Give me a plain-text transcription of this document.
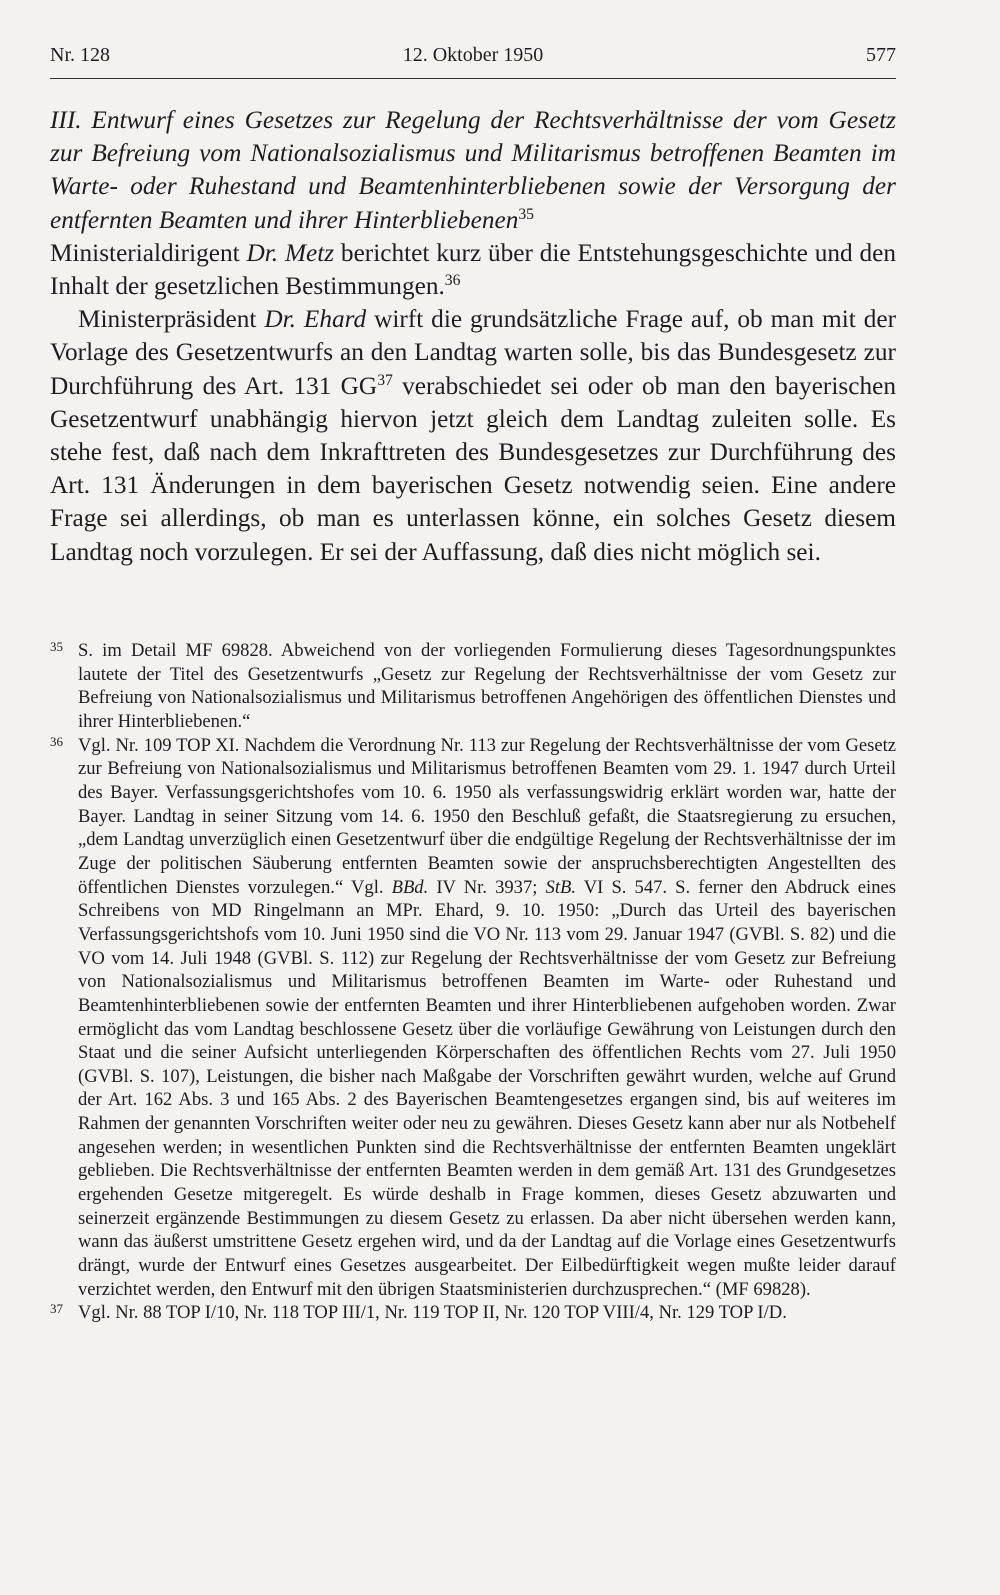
Nr. 128	12. Oktober 1950	577

III. Entwurf eines Gesetzes zur Regelung der Rechtsverhältnisse der vom Gesetz zur Befreiung vom Nationalsozialismus und Militarismus betroffenen Beamten im Warte- oder Ruhestand und Beamtenhinterbliebenen sowie der Versorgung der entfernten Beamten und ihrer Hinterbliebenen$^{35}$

Ministerialdirigent Dr. Metz berichtet kurz über die Entstehungsgeschichte und den Inhalt der gesetzlichen Bestimmungen.$^{36}$

Ministerpräsident Dr. Ehard wirft die grundsätzliche Frage auf, ob man mit der Vorlage des Gesetzentwurfs an den Landtag warten solle, bis das Bundesgesetz zur Durchführung des Art. 131 GG$^{37}$ verabschiedet sei oder ob man den bayerischen Gesetzentwurf unabhängig hiervon jetzt gleich dem Landtag zuleiten solle. Es stehe fest, daß nach dem Inkrafttreten des Bundesgesetzes zur Durchführung des Art. 131 Änderungen in dem bayerischen Gesetz notwendig seien. Eine andere Frage sei allerdings, ob man es unterlassen könne, ein solches Gesetz diesem Landtag noch vorzulegen. Er sei der Auffassung, daß dies nicht möglich sei.

35 S. im Detail MF 69828. Abweichend von der vorliegenden Formulierung dieses Tagesordnungspunktes lautete der Titel des Gesetzentwurfs „Gesetz zur Regelung der Rechtsverhältnisse der vom Gesetz zur Befreiung von Nationalsozialismus und Militarismus betroffenen Angehörigen des öffentlichen Dienstes und ihrer Hinterbliebenen.“
36 Vgl. Nr. 109 TOP XI. Nachdem die Verordnung Nr. 113 zur Regelung der Rechtsverhältnisse der vom Gesetz zur Befreiung von Nationalsozialismus und Militarismus betroffenen Beamten vom 29. 1. 1947 durch Urteil des Bayer. Verfassungsgerichtshofes vom 10. 6. 1950 als verfassungswidrig erklärt worden war, hatte der Bayer. Landtag in seiner Sitzung vom 14. 6. 1950 den Beschluß gefaßt, die Staatsregierung zu ersuchen, „dem Landtag unverzüglich einen Gesetzentwurf über die endgültige Regelung der Rechtsverhältnisse der im Zuge der politischen Säuberung entfernten Beamten sowie der anspruchsberechtigten Angestellten des öffentlichen Dienstes vorzulegen.“ Vgl. BBd. IV Nr. 3937; StB. VI S. 547. S. ferner den Abdruck eines Schreibens von MD Ringelmann an MPr. Ehard, 9. 10. 1950: „Durch das Urteil des bayerischen Verfassungsgerichtshofs vom 10. Juni 1950 sind die VO Nr. 113 vom 29. Januar 1947 (GVBl. S. 82) und die VO vom 14. Juli 1948 (GVBl. S. 112) zur Regelung der Rechtsverhältnisse der vom Gesetz zur Befreiung von Nationalsozialismus und Militarismus betroffenen Beamten im Warte- oder Ruhestand und Beamtenhinterbliebenen sowie der entfernten Beamten und ihrer Hinterbliebenen aufgehoben worden. Zwar ermöglicht das vom Landtag beschlossene Gesetz über die vorläufige Gewährung von Leistungen durch den Staat und die seiner Aufsicht unterliegenden Körperschaften des öffentlichen Rechts vom 27. Juli 1950 (GVBl. S. 107), Leistungen, die bisher nach Maßgabe der Vorschriften gewährt wurden, welche auf Grund der Art. 162 Abs. 3 und 165 Abs. 2 des Bayerischen Beamtengesetzes ergangen sind, bis auf weiteres im Rahmen der genannten Vorschriften weiter oder neu zu gewähren. Dieses Gesetz kann aber nur als Notbehelf angesehen werden; in wesentlichen Punkten sind die Rechtsverhältnisse der entfernten Beamten ungeklärt geblieben. Die Rechtsverhältnisse der entfernten Beamten werden in dem gemäß Art. 131 des Grundgesetzes ergehenden Gesetze mitgeregelt. Es würde deshalb in Frage kommen, dieses Gesetz abzuwarten und seinerzeit ergänzende Bestimmungen zu diesem Gesetz zu erlassen. Da aber nicht übersehen werden kann, wann das äußerst umstrittene Gesetz ergehen wird, und da der Landtag auf die Vorlage eines Gesetzentwurfs drängt, wurde der Entwurf eines Gesetzes ausgearbeitet. Der Eilbedürftigkeit wegen mußte leider darauf verzichtet werden, den Entwurf mit den übrigen Staatsministerien durchzusprechen.“ (MF 69828).
37 Vgl. Nr. 88 TOP I/10, Nr. 118 TOP III/1, Nr. 119 TOP II, Nr. 120 TOP VIII/4, Nr. 129 TOP I/D.
